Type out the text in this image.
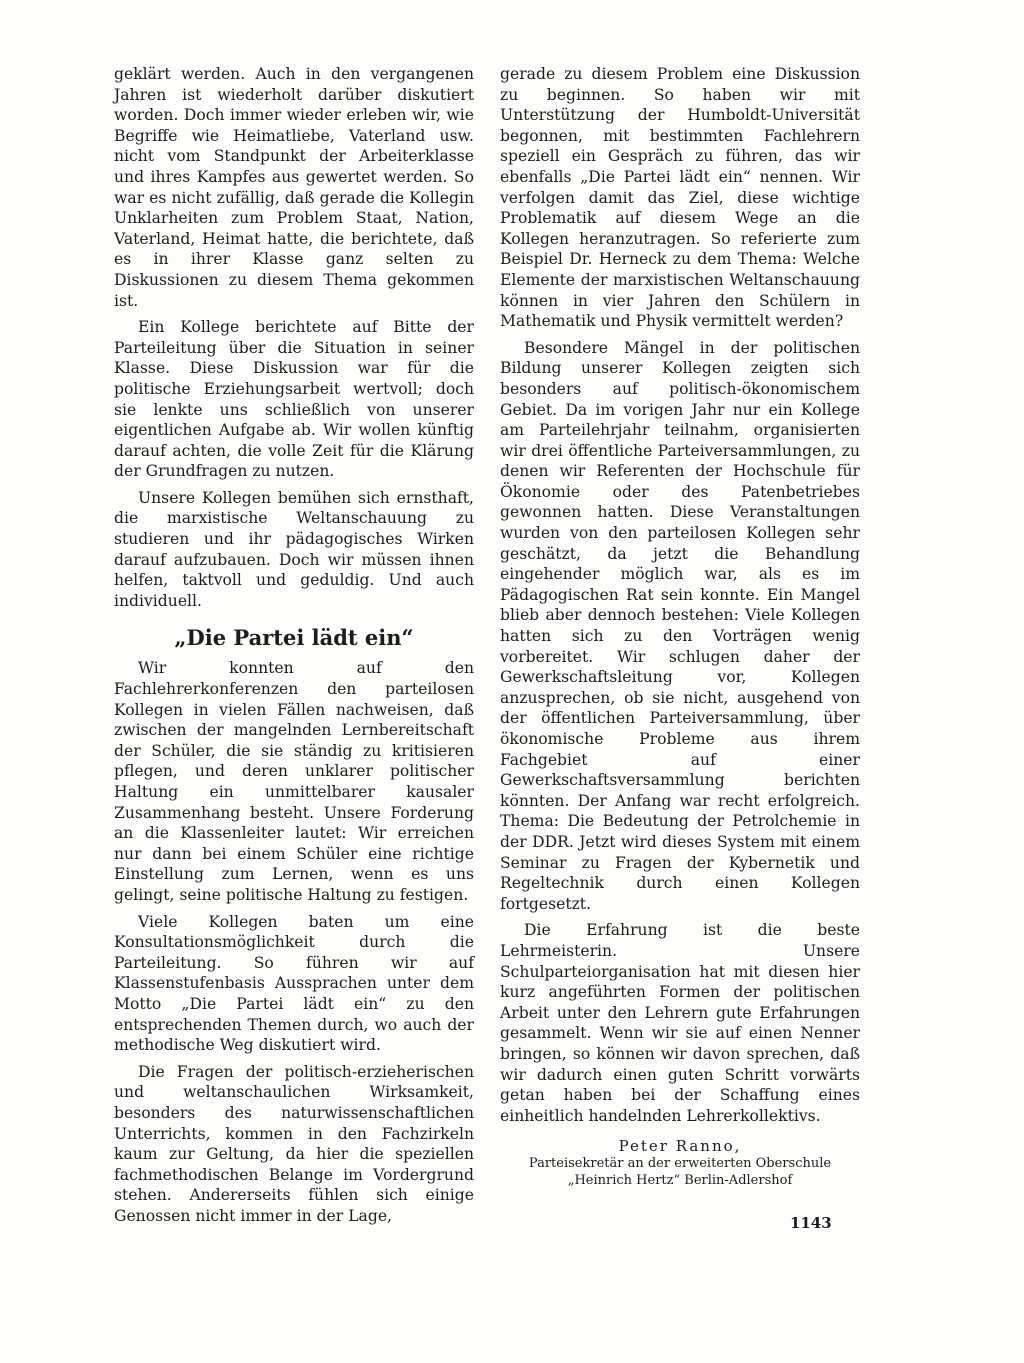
geklärt werden. Auch in den vergangenen Jahren ist wiederholt darüber diskutiert worden. Doch immer wieder erleben wir, wie Begriffe wie Heimatliebe, Vaterland usw. nicht vom Standpunkt der Arbeiterklasse und ihres Kampfes aus gewertet werden. So war es nicht zufällig, daß gerade die Kollegin Unklarheiten zum Problem Staat, Nation, Vaterland, Heimat hatte, die berichtete, daß es in ihrer Klasse ganz selten zu Diskussionen zu diesem Thema gekommen ist.

Ein Kollege berichtete auf Bitte der Parteileitung über die Situation in seiner Klasse. Diese Diskussion war für die politische Erziehungsarbeit wertvoll; doch sie lenkte uns schließlich von unserer eigentlichen Aufgabe ab. Wir wollen künftig darauf achten, die volle Zeit für die Klärung der Grundfragen zu nutzen.

Unsere Kollegen bemühen sich ernsthaft, die marxistische Weltanschauung zu studieren und ihr pädagogisches Wirken darauf aufzubauen. Doch wir müssen ihnen helfen, taktvoll und geduldig. Und auch individuell.

„Die Partei lädt ein“

Wir konnten auf den Fachlehrerkonferenzen den parteilosen Kollegen in vielen Fällen nachweisen, daß zwischen der mangelnden Lernbereitschaft der Schüler, die sie ständig zu kritisieren pflegen, und deren unklarer politischer Haltung ein unmittelbarer kausaler Zusammenhang besteht. Unsere Forderung an die Klassenleiter lautet: Wir erreichen nur dann bei einem Schüler eine richtige Einstellung zum Lernen, wenn es uns gelingt, seine politische Haltung zu festigen.

Viele Kollegen baten um eine Konsultationsmöglichkeit durch die Parteileitung. So führen wir auf Klassenstufenbasis Aussprachen unter dem Motto „Die Partei lädt ein“ zu den entsprechenden Themen durch, wo auch der methodische Weg diskutiert wird.

Die Fragen der politisch-erzieherischen und weltanschaulichen Wirksamkeit, besonders des naturwissenschaftlichen Unterrichts, kommen in den Fachzirkeln kaum zur Geltung, da hier die speziellen fachmethodischen Belange im Vordergrund stehen. Andererseits fühlen sich einige Genossen nicht immer in der Lage,

gerade zu diesem Problem eine Diskussion zu beginnen. So haben wir mit Unterstützung der Humboldt-Universität begonnen, mit bestimmten Fachlehrern speziell ein Gespräch zu führen, das wir ebenfalls „Die Partei lädt ein“ nennen. Wir verfolgen damit das Ziel, diese wichtige Problematik auf diesem Wege an die Kollegen heranzutragen. So referierte zum Beispiel Dr. Herneck zu dem Thema: Welche Elemente der marxistischen Weltanschauung können in vier Jahren den Schülern in Mathematik und Physik vermittelt werden?

Besondere Mängel in der politischen Bildung unserer Kollegen zeigten sich besonders auf politisch-ökonomischem Gebiet. Da im vorigen Jahr nur ein Kollege am Parteilehrjahr teilnahm, organisierten wir drei öffentliche Parteiversammlungen, zu denen wir Referenten der Hochschule für Ökonomie oder des Patenbetriebes gewonnen hatten. Diese Veranstaltungen wurden von den parteilosen Kollegen sehr geschätzt, da jetzt die Behandlung eingehender möglich war, als es im Pädagogischen Rat sein konnte. Ein Mangel blieb aber dennoch bestehen: Viele Kollegen hatten sich zu den Vorträgen wenig vorbereitet. Wir schlugen daher der Gewerkschaftsleitung vor, Kollegen anzusprechen, ob sie nicht, ausgehend von der öffentlichen Parteiversammlung, über ökonomische Probleme aus ihrem Fachgebiet auf einer Gewerkschaftsversammlung berichten könnten. Der Anfang war recht erfolgreich. Thema: Die Bedeutung der Petrolchemie in der DDR. Jetzt wird dieses System mit einem Seminar zu Fragen der Kybernetik und Regeltechnik durch einen Kollegen fortgesetzt.

Die Erfahrung ist die beste Lehrmeisterin. Unsere Schulparteiorganisation hat mit diesen hier kurz angeführten Formen der politischen Arbeit unter den Lehrern gute Erfahrungen gesammelt. Wenn wir sie auf einen Nenner bringen, so können wir davon sprechen, daß wir dadurch einen guten Schritt vorwärts getan haben bei der Schaffung eines einheitlich handelnden Lehrerkollektivs.

Peter Ranno,
Parteisekretär an der erweiterten Oberschule
„Heinrich Hertz“ Berlin-Adlershof
1143
